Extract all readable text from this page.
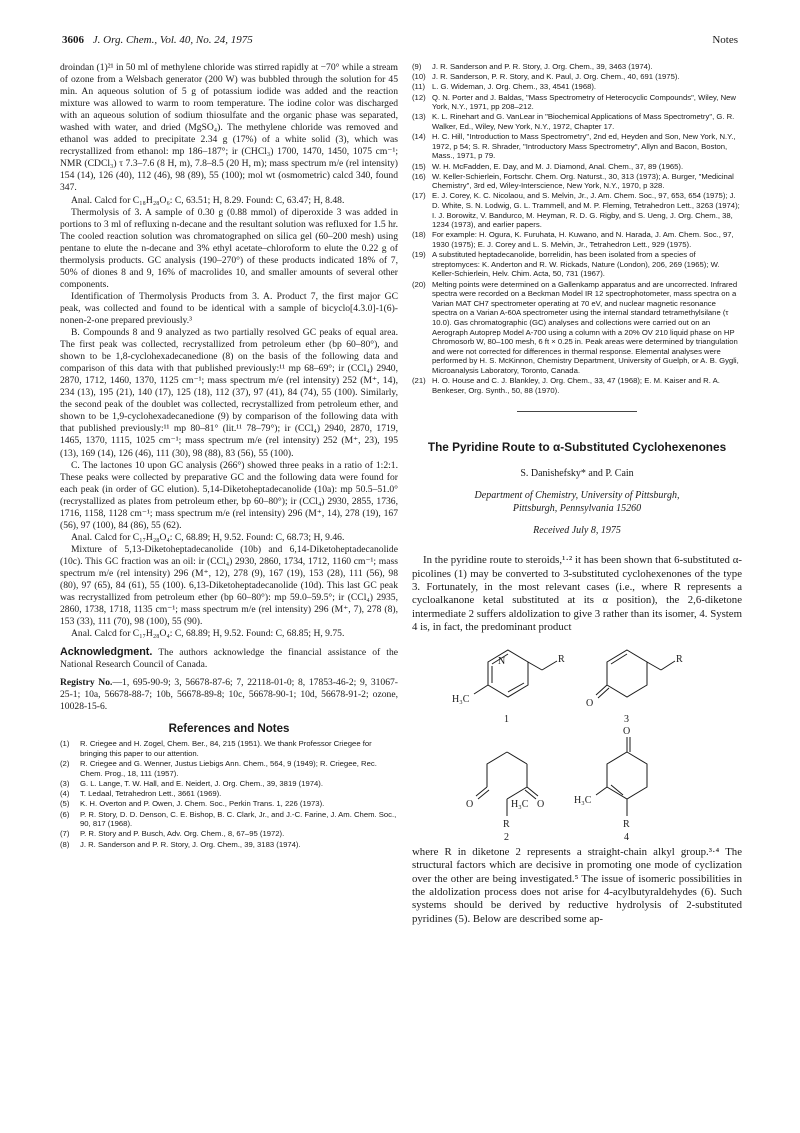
3606 J. Org. Chem., Vol. 40, No. 24, 1975	Notes

droindan (1)²¹ in 50 ml of methylene chloride was stirred rapidly at −70° while a stream of ozone from a Welsbach generator (200 W) was bubbled through the solution for 45 min. An aqueous solution of 5 g of potassium iodide was added and the reaction mixture was allowed to warm to room temperature. The iodine color was discharged with an aqueous solution of sodium thiosulfate and the organic phase was separated, washed with water, and dried (MgSO₄). The methylene chloride was removed and ethanol was added to precipitate 2.34 g (17%) of a white solid (3), which was recrystallized from ethanol: mp 186–187°; ir (CHCl₃) 1700, 1470, 1450, 1075 cm⁻¹; NMR (CDCl₃) τ 7.3–7.6 (8 H, m), 7.8–8.5 (20 H, m); mass spectrum m/e (rel intensity) 154 (14), 126 (40), 112 (46), 98 (89), 55 (100); mol wt (osmometric) calcd 340, found 347.

Anal. Calcd for C₁₈H₂₈O₆: C, 63.51; H, 8.29. Found: C, 63.47; H, 8.48.

Thermolysis of 3. A sample of 0.30 g (0.88 mmol) of diperoxide 3 was added in portions to 3 ml of refluxing n-decane and the resultant solution was refluxed for 1.5 hr. The cooled reaction solution was chromatographed on silica gel (60–200 mesh) using pentane to elute the n-decane and 3% ethyl acetate–chloroform to elute the 0.22 g of thermolysis products. GC analysis (190–270°) of these products indicated 18% of 7, 50% of diones 8 and 9, 16% of macrolides 10, and smaller amounts of several other components.

Identification of Thermolysis Products from 3. A. Product 7, the first major GC peak, was collected and found to be identical with a sample of bicyclo[4.3.0]-1(6)-nonen-2-one prepared previously.³

B. Compounds 8 and 9 analyzed as two partially resolved GC peaks of equal area. The first peak was collected, recrystallized from petroleum ether (bp 60–80°), and shown to be 1,8-cyclohexadecanedione (8) on the basis of the following data and comparison of this data with that published previously:¹¹ mp 68–69°; ir (CCl₄) 2940, 2870, 1712, 1460, 1370, 1125 cm⁻¹; mass spectrum m/e (rel intensity) 252 (M⁺, 14), 234 (13), 195 (21), 140 (17), 125 (18), 112 (37), 97 (41), 84 (74), 55 (100). Similarly, the second peak of the doublet was collected, recrystallized from petroleum ether, and shown to be 1,9-cyclohexadecanedione (9) by comparison of the following data with that published previously:¹¹ mp 80–81° (lit.¹¹ 78–79°); ir (CCl₄) 2940, 2870, 1719, 1465, 1370, 1115, 1025 cm⁻¹; mass spectrum m/e (rel intensity) 252 (M⁺, 23), 195 (13), 169 (14), 126 (46), 111 (30), 98 (88), 83 (56), 55 (100).

C. The lactones 10 upon GC analysis (266°) showed three peaks in a ratio of 1:2:1. These peaks were collected by preparative GC and the following data were found for each peak (in order of GC elution). 5,14-Diketoheptadecanolide (10a): mp 50.5–51.0° (recrystallized as plates from petroleum ether, bp 60–80°); ir (CCl₄) 2930, 2855, 1736, 1716, 1158, 1128 cm⁻¹; mass spectrum m/e (rel intensity) 296 (M⁺, 14), 278 (19), 167 (56), 97 (100), 84 (86), 55 (62).

Anal. Calcd for C₁₇H₂₈O₄: C, 68.89; H, 9.52. Found: C, 68.73; H, 9.46.

Mixture of 5,13-Diketoheptadecanolide (10b) and 6,14-Diketoheptadecanolide (10c). This GC fraction was an oil: ir (CCl₄) 2930, 2860, 1734, 1712, 1160 cm⁻¹; mass spectrum m/e (rel intensity) 296 (M⁺, 12), 278 (9), 167 (19), 153 (28), 111 (56), 98 (80), 97 (65), 84 (61), 55 (100). 6,13-Diketoheptadecanolide (10d). This last GC peak was recrystallized from petroleum ether (bp 60–80°): mp 59.0–59.5°; ir (CCl₄) 2935, 2860, 1738, 1718, 1135 cm⁻¹; mass spectrum m/e (rel intensity) 296 (M⁺, 7), 278 (8), 153 (33), 111 (70), 98 (100), 55 (90).

Anal. Calcd for C₁₇H₂₈O₄: C, 68.89; H, 9.52. Found: C, 68.85; H, 9.75.

Acknowledgment. The authors acknowledge the financial assistance of the National Research Council of Canada.
Registry No.—1, 695-90-9; 3, 56678-87-6; 7, 22118-01-0; 8, 17853-46-2; 9, 31067-25-1; 10a, 56678-88-7; 10b, 56678-89-8; 10c, 56678-90-1; 10d, 56678-91-2; ozone, 10028-15-6.
References and Notes
(1) R. Criegee and H. Zogel, Chem. Ber., 84, 215 (1951). We thank Professor Criegee for bringing this paper to our attention.
(2) R. Criegee and G. Wenner, Justus Liebigs Ann. Chem., 564, 9 (1949); R. Criegee, Rec. Chem. Prog., 18, 111 (1957).
(3) G. L. Lange, T. W. Hall, and E. Neidert, J. Org. Chem., 39, 3819 (1974).
(4) T. Ledaal, Tetrahedron Lett., 3661 (1969).
(5) K. H. Overton and P. Owen, J. Chem. Soc., Perkin Trans. 1, 226 (1973).
(6) P. R. Story, D. D. Denson, C. E. Bishop, B. C. Clark, Jr., and J.-C. Farine, J. Am. Chem. Soc., 90, 817 (1968).
(7) P. R. Story and P. Busch, Adv. Org. Chem., 8, 67–95 (1972).
(8) J. R. Sanderson and P. R. Story, J. Org. Chem., 39, 3183 (1974).
(9) J. R. Sanderson and P. R. Story, J. Org. Chem., 39, 3463 (1974).
(10) J. R. Sanderson, P. R. Story, and K. Paul, J. Org. Chem., 40, 691 (1975).
(11) L. G. Wideman, J. Org. Chem., 33, 4541 (1968).
(12) Q. N. Porter and J. Baldas, "Mass Spectrometry of Heterocyclic Compounds", Wiley, New York, N.Y., 1971, pp 208–212.
(13) K. L. Rinehart and G. VanLear in "Biochemical Applications of Mass Spectrometry", G. R. Walker, Ed., Wiley, New York, N.Y., 1972, Chapter 17.
(14) H. C. Hill, "Introduction to Mass Spectrometry", 2nd ed, Heyden and Son, New York, N.Y., 1972, p 54; S. R. Shrader, "Introductory Mass Spectrometry", Allyn and Bacon, Boston, Mass., 1971, p 79.
(15) W. H. McFadden, E. Day, and M. J. Diamond, Anal. Chem., 37, 89 (1965).
(16) W. Keller-Schierlein, Fortschr. Chem. Org. Naturst., 30, 313 (1973); A. Burger, "Medicinal Chemistry", 3rd ed, Wiley-Interscience, New York, N.Y., 1970, p 328.
(17) E. J. Corey, K. C. Nicolaou, and S. Melvin, Jr., J. Am. Chem. Soc., 97, 653, 654 (1975); J. D. White, S. N. Lodwig, G. L. Trammell, and M. P. Fleming, Tetrahedron Lett., 3263 (1974); I. J. Borowitz, V. Bandurco, M. Heyman, R. D. G. Rigby, and S. Ueng, J. Org. Chem., 38, 1234 (1973), and earlier papers.
(18) For example: H. Ogura, K. Furuhata, H. Kuwano, and N. Harada, J. Am. Chem. Soc., 97, 1930 (1975); E. J. Corey and L. S. Melvin, Jr., Tetrahedron Lett., 929 (1975).
(19) A substituted heptadecanolide, borrelidin, has been isolated from a species of streptomyces: K. Anderton and R. W. Rickads, Nature (London), 206, 269 (1965); W. Keller-Schierlein, Helv. Chim. Acta, 50, 731 (1967).
(20) Melting points were determined on a Gallenkamp apparatus and are uncorrected. Infrared spectra were recorded on a Beckman Model IR 12 spectrophotometer, mass spectra on a Varian MAT CH7 spectrometer operating at 70 eV, and nuclear magnetic resonance spectra on a Varian A-60A spectrometer using the internal standard tetramethylsilane (τ 10.0). Gas chromatographic (GC) analyses and collections were carried out on an Aerograph Autoprep Model A-700 using a column with a 20% OV 210 liquid phase on HP Chromosorb W, 80–100 mesh, 6 ft × 0.25 in. Peak areas were determined by triangulation and were not corrected for differences in thermal response. Elemental analyses were performed by H. S. McKinnon, Chemistry Department, University of Guelph, or A. B. Gygli, Microanalysis Laboratory, Toronto, Canada.
(21) H. O. House and C. J. Blankley, J. Org. Chem., 33, 47 (1968); E. M. Kaiser and R. A. Benkeser, Org. Synth., 50, 88 (1970).
The Pyridine Route to α-Substituted Cyclohexenones
S. Danishefsky* and P. Cain
Department of Chemistry, University of Pittsburgh,
Pittsburgh, Pennsylvania 15260
Received July 8, 1975

In the pyridine route to steroids,¹·² it has been shown that 6-substituted α-picolines (1) may be converted to 3-substituted cyclohexenones of the type 3. Fortunately, in the most relevant cases (i.e., where R represents a cycloalkanone ketal substituted at its α position), the 2,6-diketone intermediate 2 suffers aldolization to give 3 rather than its isomer, 4. System 4 is, in fact, the predominant product

N
H₃C
R
1
O
R
3
O	O
H₃C
R
2
O
H₃C
R
4

where R in diketone 2 represents a straight-chain alkyl group.³·⁴ The structural factors which are decisive in promoting one mode of cyclization over the other are being investigated.⁵ The issue of isomeric possibilities in the aldolization process does not arise for 4-acylbutyraldehydes (6). Such systems should be derived by reductive hydrolysis of 2-substituted pyridines (5). Below are described some ap-
